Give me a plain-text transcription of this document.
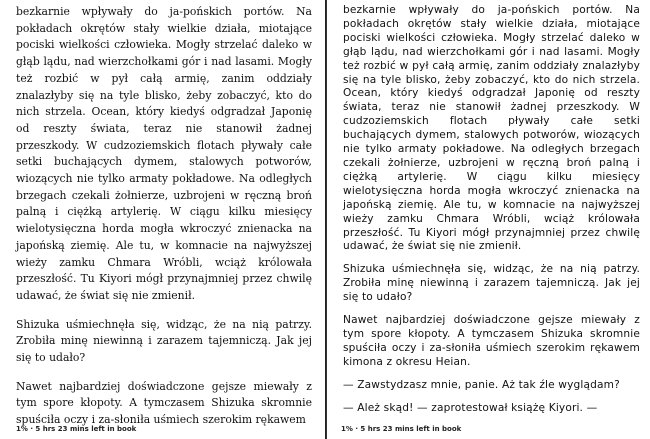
bezkarnie wpływały do ja-pońskich portów. Na pokładach okrętów stały wielkie działa, miotające pociski wielkości człowieka. Mogły strzelać daleko w głąb lądu, nad wierzchołkami gór i nad lasami. Mogły też rozbić w pył całą armię, zanim oddziały znalazłyby się na tyle blisko, żeby zobaczyć, kto do nich strzela. Ocean, który kiedyś odgradzał Japonię od reszty świata, teraz nie stanowił żadnej przeszkody. W cudzoziemskich flotach pływały całe setki buchających dymem, stalowych potworów, wiozących nie tylko armaty pokładowe. Na odległych brzegach czekali żołnierze, uzbrojeni w ręczną broń palną i ciężką artylerię. W ciągu kilku miesięcy wielotysięczna horda mogła wkroczyć znienacka na japońską ziemię. Ale tu, w komnacie na najwyższej wieży zamku Chmara Wróbli, wciąż królowała przeszłość. Tu Kiyori mógł przynajmniej przez chwilę udawać, że świat się nie zmienił.

Shizuka uśmiechnęła się, widząc, że na nią patrzy. Zrobiła minę niewinną i zarazem tajemniczą. Jak jej się to udało?

Nawet najbardziej doświadczone gejsze miewały z tym spore kłopoty. A tymczasem Shizuka skromnie spuściła oczy i za-słoniła uśmiech szerokim rękawem

1% · 5 hrs 23 mins left in book

bezkarnie wpływały do ja-pońskich portów. Na pokładach okrętów stały wielkie działa, miotające pociski wielkości człowieka. Mogły strzelać daleko w głąb lądu, nad wierzchołkami gór i nad lasami. Mogły też rozbić w pył całą armię, zanim oddziały znalazłyby się na tyle blisko, żeby zobaczyć, kto do nich strzela. Ocean, który kiedyś odgradzał Japonię od reszty świata, teraz nie stanowił żadnej przeszkody. W cudzoziemskich flotach pływały całe setki buchających dymem, stalowych potworów, wiozących nie tylko armaty pokładowe. Na odległych brzegach czekali żołnierze, uzbrojeni w ręczną broń palną i ciężką artylerię. W ciągu kilku miesięcy wielotysięczna horda mogła wkroczyć znienacka na japońską ziemię. Ale tu, w komnacie na najwyższej wieży zamku Chmara Wróbli, wciąż królowała przeszłość. Tu Kiyori mógł przynajmniej przez chwilę udawać, że świat się nie zmienił.

Shizuka uśmiechnęła się, widząc, że na nią patrzy. Zrobiła minę niewinną i zarazem tajemniczą. Jak jej się to udało?

Nawet najbardziej doświadczone gejsze miewały z tym spore kłopoty. A tymczasem Shizuka skromnie spuściła oczy i za-słoniła uśmiech szerokim rękawem kimona z okresu Heian.

— Zawstydzasz mnie, panie. Aż tak źle wyglądam?

— Ależ skąd! — zaprotestował książę Kiyori. —

1% · 5 hrs 23 mins left in book
